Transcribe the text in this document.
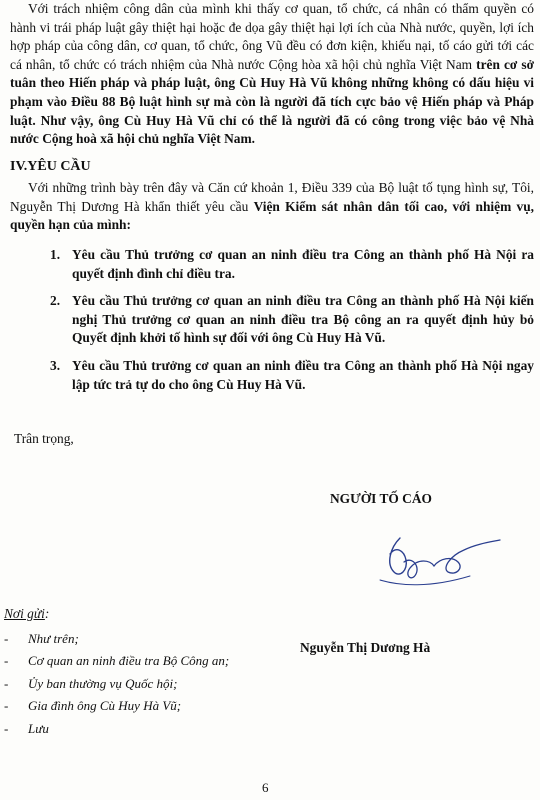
Với trách nhiệm công dân của mình khi thấy cơ quan, tổ chức, cá nhân có thẩm quyền có hành vi trái pháp luật gây thiệt hại hoặc đe dọa gây thiệt hại lợi ích của Nhà nước, quyền, lợi ích hợp pháp của công dân, cơ quan, tổ chức, ông Vũ đều có đơn kiện, khiếu nại, tố cáo gửi tới các cá nhân, tổ chức có trách nhiệm của Nhà nước Cộng hòa xã hội chủ nghĩa Việt Nam trên cơ sở tuân theo Hiến pháp và pháp luật, ông Cù Huy Hà Vũ không những không có dấu hiệu vi phạm vào Điều 88 Bộ luật hình sự mà còn là người đã tích cực bảo vệ Hiến pháp và Pháp luật. Như vậy, ông Cù Huy Hà Vũ chỉ có thể là người đã có công trong việc bảo vệ Nhà nước Cộng hoà xã hội chủ nghĩa Việt Nam.

IV.YÊU CẦU

Với những trình bày trên đây và Căn cứ khoản 1, Điều 339 của Bộ luật tố tụng hình sự, Tôi, Nguyễn Thị Dương Hà khẩn thiết yêu cầu Viện Kiểm sát nhân dân tối cao, với nhiệm vụ, quyền hạn của mình:

1. Yêu cầu Thủ trưởng cơ quan an ninh điều tra Công an thành phố Hà Nội ra quyết định đình chỉ điều tra.
2. Yêu cầu Thủ trưởng cơ quan an ninh điều tra Công an thành phố Hà Nội kiến nghị Thủ trưởng cơ quan an ninh điều tra Bộ công an ra quyết định hủy bỏ Quyết định khởi tố hình sự đối với ông Cù Huy Hà Vũ.
3. Yêu cầu Thủ trưởng cơ quan an ninh điều tra Công an thành phố Hà Nội ngay lập tức trả tự do cho ông Cù Huy Hà Vũ.

Trân trọng,

NGƯỜI TỐ CÁO

Nơi gửi:

- Như trên;
- Cơ quan an ninh điều tra Bộ Công an;
- Ủy ban thường vụ Quốc hội;
- Gia đình ông Cù Huy Hà Vũ;
- Lưu

Nguyễn Thị Dương Hà

6
